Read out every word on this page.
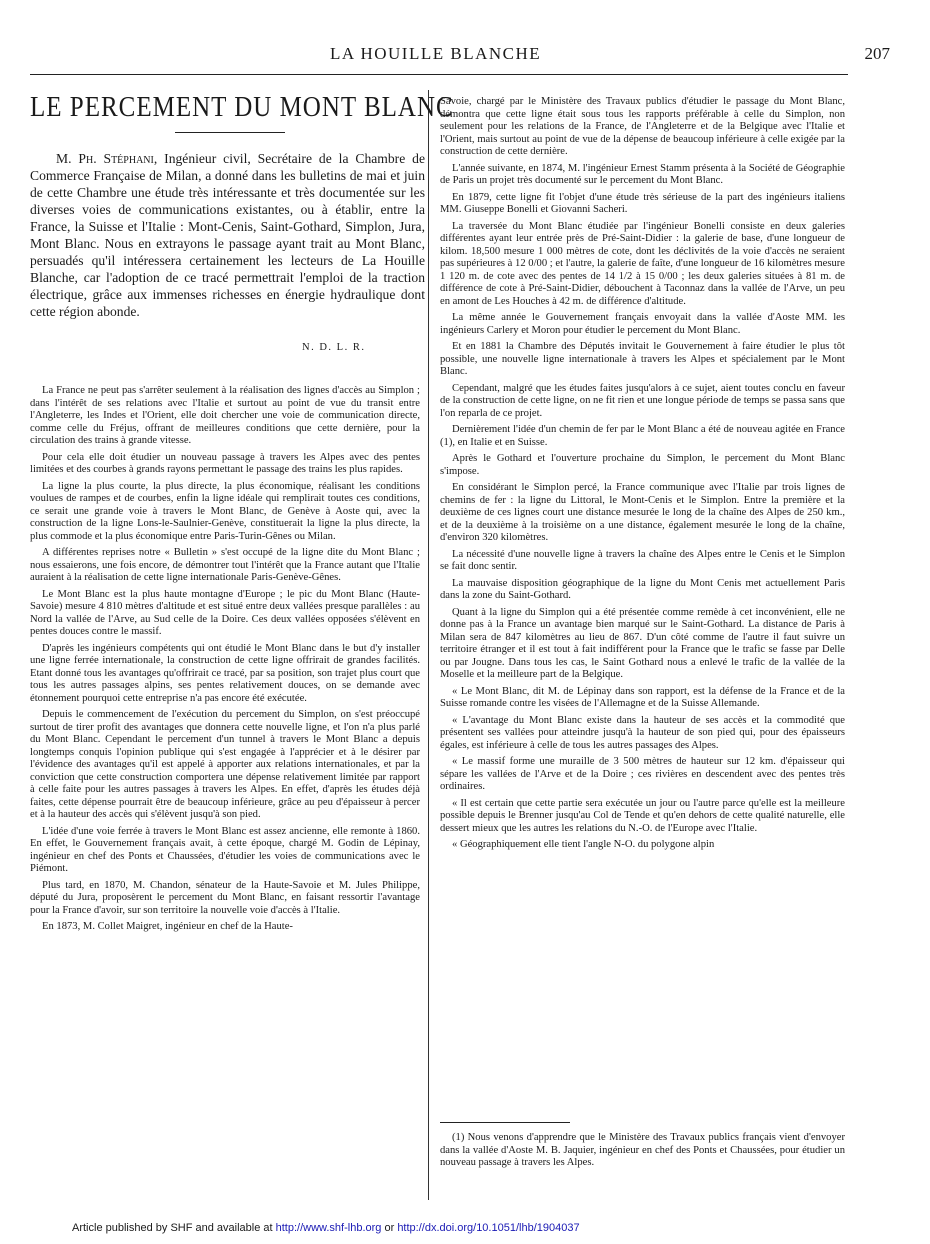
LA HOUILLE BLANCHE	207
LE PERCEMENT DU MONT BLANC

M. Ph. Stéphani, Ingénieur civil, Secrétaire de la Chambre de Commerce Française de Milan, a donné dans les bulletins de mai et juin de cette Chambre une étude très intéressante et très documentée sur les diverses voies de communications existantes, ou à établir, entre la France, la Suisse et l'Italie : Mont-Cenis, Saint-Gothard, Simplon, Jura, Mont Blanc. Nous en extrayons le passage ayant trait au Mont Blanc, persuadés qu'il intéressera certainement les lecteurs de La Houille Blanche, car l'adoption de ce tracé permettrait l'emploi de la traction électrique, grâce aux immenses richesses en énergie hydraulique dont cette région abonde.

N. D. L. R.

La France ne peut pas s'arrêter seulement à la réalisation des lignes d'accès au Simplon ; dans l'intérêt de ses relations avec l'Italie et surtout au point de vue du transit entre l'Angleterre, les Indes et l'Orient, elle doit chercher une voie de communication directe, comme celle du Fréjus, offrant de meilleures conditions que cette dernière, pour la circulation des trains à grande vitesse.

Pour cela elle doit étudier un nouveau passage à travers les Alpes avec des pentes limitées et des courbes à grands rayons permettant le passage des trains les plus rapides.

La ligne la plus courte, la plus directe, la plus économique, réalisant les conditions voulues de rampes et de courbes, enfin la ligne idéale qui remplirait toutes ces conditions, ce serait une grande voie à travers le Mont Blanc, de Genève à Aoste qui, avec la construction de la ligne Lons-le-Saulnier-Genève, constituerait la ligne la plus directe, la plus commode et la plus économique entre Paris-Turin-Gênes ou Milan.

A différentes reprises notre « Bulletin » s'est occupé de la ligne dite du Mont Blanc ; nous essaierons, une fois encore, de démontrer tout l'intérêt que la France autant que l'Italie auraient à la réalisation de cette ligne internationale Paris-Genève-Gênes.

Le Mont Blanc est la plus haute montagne d'Europe ; le pic du Mont Blanc (Haute-Savoie) mesure 4 810 mètres d'altitude et est situé entre deux vallées presque parallèles : au Nord la vallée de l'Arve, au Sud celle de la Doire. Ces deux vallées opposées s'élèvent en pentes douces contre le massif.

D'après les ingénieurs compétents qui ont étudié le Mont Blanc dans le but d'y installer une ligne ferrée internationale, la construction de cette ligne offrirait de grandes facilités. Etant donné tous les avantages qu'offrirait ce tracé, par sa position, son trajet plus court que tous les autres passages alpins, ses pentes relativement douces, on se demande avec étonnement pourquoi cette entreprise n'a pas encore été exécutée.

Depuis le commencement de l'exécution du percement du Simplon, on s'est préoccupé surtout de tirer profit des avantages que donnera cette nouvelle ligne, et l'on n'a plus parlé du Mont Blanc. Cependant le percement d'un tunnel à travers le Mont Blanc a depuis longtemps conquis l'opinion publique qui s'est engagée à l'apprécier et à le désirer par l'évidence des avantages qu'il est appelé à apporter aux relations internationales, et par la conviction que cette construction comportera une dépense relativement limitée par rapport à celle faite pour les autres passages à travers les Alpes. En effet, d'après les études déjà faites, cette dépense pourrait être de beaucoup inférieure, grâce au peu d'épaisseur à percer et à la hauteur des accès qui s'élèvent jusqu'à son pied.

L'idée d'une voie ferrée à travers le Mont Blanc est assez ancienne, elle remonte à 1860. En effet, le Gouvernement français avait, à cette époque, chargé M. Godin de Lépinay, ingénieur en chef des Ponts et Chaussées, d'étudier les voies de communications avec le Piémont.

Plus tard, en 1870, M. Chandon, sénateur de la Haute-Savoie et M. Jules Philippe, député du Jura, proposèrent le percement du Mont Blanc, en faisant ressortir l'avantage pour la France d'avoir, sur son territoire la nouvelle voie d'accès à l'Italie.

En 1873, M. Collet Maigret, ingénieur en chef de la Haute-

Savoie, chargé par le Ministère des Travaux publics d'étudier le passage du Mont Blanc, démontra que cette ligne était sous tous les rapports préférable à celle du Simplon, non seulement pour les relations de la France, de l'Angleterre et de la Belgique avec l'Italie et l'Orient, mais surtout au point de vue de la dépense de beaucoup inférieure à celle exigée par la construction de cette dernière.

L'année suivante, en 1874, M. l'ingénieur Ernest Stamm présenta à la Société de Géographie de Paris un projet très documenté sur le percement du Mont Blanc.

En 1879, cette ligne fit l'objet d'une étude très sérieuse de la part des ingénieurs italiens MM. Giuseppe Bonelli et Giovanni Sacheri.

La traversée du Mont Blanc étudiée par l'ingénieur Bonelli consiste en deux galeries différentes ayant leur entrée près de Pré-Saint-Didier : la galerie de base, d'une longueur de kilom. 18,500 mesure 1 000 mètres de cote, dont les déclivités de la voie d'accès ne seraient pas supérieures à 12 0/00 ; et l'autre, la galerie de faîte, d'une longueur de 16 kilomètres mesure 1 120 m. de cote avec des pentes de 14 1/2 à 15 0/00 ; les deux galeries situées à 81 m. de différence de cote à Pré-Saint-Didier, débouchent à Taconnaz dans la vallée de l'Arve, un peu en amont de Les Houches à 42 m. de différence d'altitude.

La même année le Gouvernement français envoyait dans la vallée d'Aoste MM. les ingénieurs Carlery et Moron pour étudier le percement du Mont Blanc.

Et en 1881 la Chambre des Députés invitait le Gouvernement à faire étudier le plus tôt possible, une nouvelle ligne internationale à travers les Alpes et spécialement par le Mont Blanc.

Cependant, malgré que les études faites jusqu'alors à ce sujet, aient toutes conclu en faveur de la construction de cette ligne, on ne fit rien et une longue période de temps se passa sans que l'on reparla de ce projet.

Dernièrement l'idée d'un chemin de fer par le Mont Blanc a été de nouveau agitée en France (1), en Italie et en Suisse.

Après le Gothard et l'ouverture prochaine du Simplon, le percement du Mont Blanc s'impose.

En considérant le Simplon percé, la France communique avec l'Italie par trois lignes de chemins de fer : la ligne du Littoral, le Mont-Cenis et le Simplon. Entre la première et la deuxième de ces lignes court une distance mesurée le long de la chaîne des Alpes de 250 km., et de la deuxième à la troisième on a une distance, également mesurée le long de la chaîne, d'environ 320 kilomètres.

La nécessité d'une nouvelle ligne à travers la chaîne des Alpes entre le Cenis et le Simplon se fait donc sentir.

La mauvaise disposition géographique de la ligne du Mont Cenis met actuellement Paris dans la zone du Saint-Gothard.

Quant à la ligne du Simplon qui a été présentée comme remède à cet inconvénient, elle ne donne pas à la France un avantage bien marqué sur le Saint-Gothard. La distance de Paris à Milan sera de 847 kilomètres au lieu de 867. D'un côté comme de l'autre il faut suivre un territoire étranger et il est tout à fait indifférent pour la France que le trafic se fasse par Delle ou par Jougne. Dans tous les cas, le Saint Gothard nous a enlevé le trafic de la vallée de la Moselle et la meilleure part de la Belgique.

« Le Mont Blanc, dit M. de Lépinay dans son rapport, est la défense de la France et de la Suisse romande contre les visées de l'Allemagne et de la Suisse Allemande.

« L'avantage du Mont Blanc existe dans la hauteur de ses accès et la commodité que présentent ses vallées pour atteindre jusqu'à la hauteur de son pied qui, pour des épaisseurs égales, est inférieure à celle de tous les autres passages des Alpes.

« Le massif forme une muraille de 3 500 mètres de hauteur sur 12 km. d'épaisseur qui sépare les vallées de l'Arve et de la Doire ; ces rivières en descendent avec des pentes très ordinaires.

« Il est certain que cette partie sera exécutée un jour ou l'autre parce qu'elle est la meilleure possible depuis le Brenner jusqu'au Col de Tende et qu'en dehors de cette qualité naturelle, elle dessert mieux que les autres les relations du N.-O. de l'Europe avec l'Italie.

« Géographiquement elle tient l'angle N-O. du polygone alpin

(1) Nous venons d'apprendre que le Ministère des Travaux publics français vient d'envoyer dans la vallée d'Aoste M. B. Jaquier, ingénieur en chef des Ponts et Chaussées, pour étudier un nouveau passage à travers les Alpes.

Article published by SHF and available at http://www.shf-lhb.org or http://dx.doi.org/10.1051/lhb/1904037
